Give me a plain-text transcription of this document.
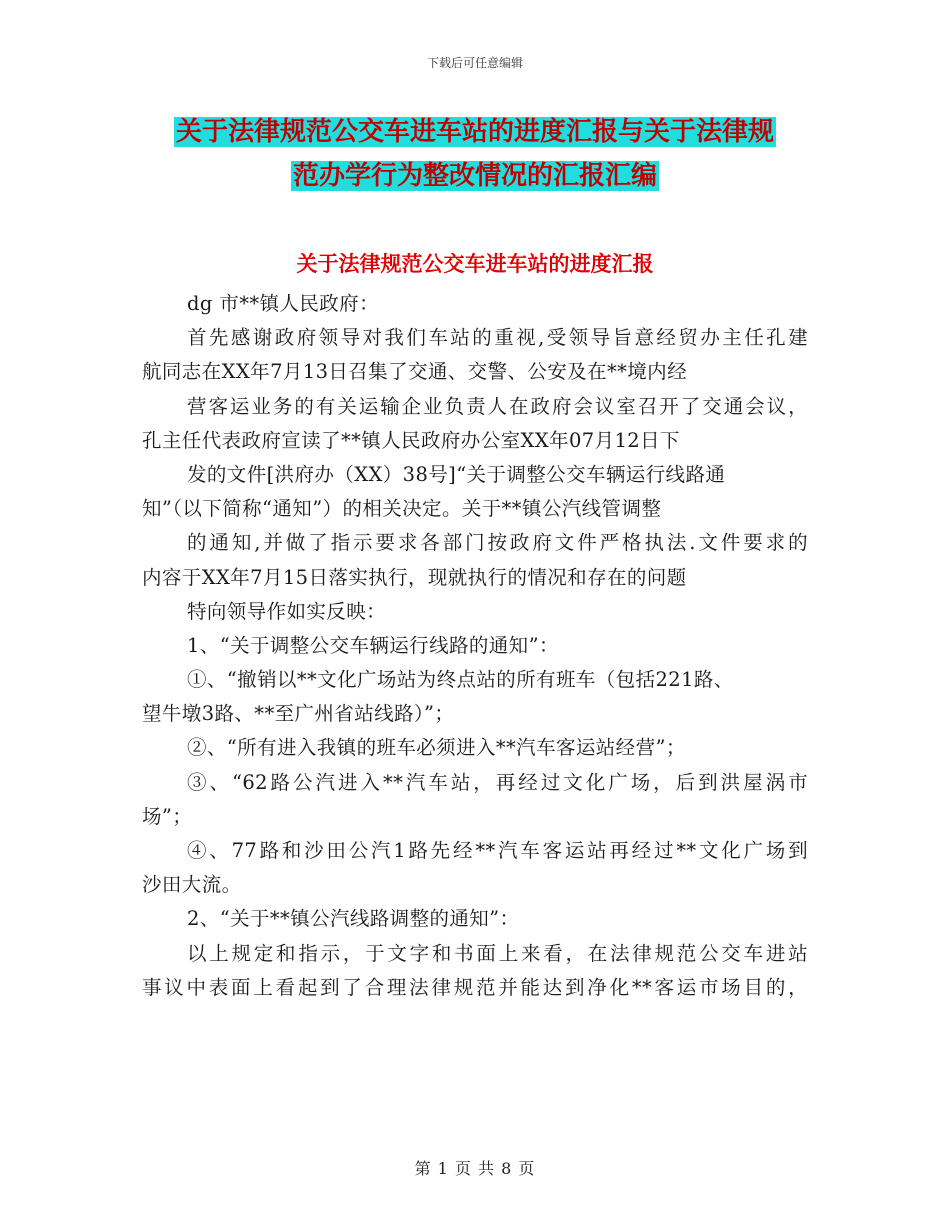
下载后可任意编辑
关于法律规范公交车进车站的进度汇报与关于法律规
范办学行为整改情况的汇报汇编
关于法律规范公交车进车站的进度汇报
dg 市**镇人民政府：
首先感谢政府领导对我们车站的重视,受领导旨意经贸办主任孔建
航同志在XX年7月13日召集了交通、交警、公安及在**境内经
营客运业务的有关运输企业负责人在政府会议室召开了交通会议，
孔主任代表政府宣读了**镇人民政府办公室XX年07月12日下
发的文件[洪府办（XX）38号]“关于调整公交车辆运行线路通
知”（以下简称“通知”）的相关决定。关于**镇公汽线管调整
的通知,并做了指示要求各部门按政府文件严格执法.文件要求的
内容于XX年7月15日落实执行，现就执行的情况和存在的问题
特向领导作如实反映：
1、“关于调整公交车辆运行线路的通知”：
①、“撤销以**文化广场站为终点站的所有班车（包括221路、
望牛墩3路、**至广州省站线路）”；
②、“所有进入我镇的班车必须进入**汽车客运站经营”；
③、“62路公汽进入**汽车站，再经过文化广场，后到洪屋涡市
场”；
④、77路和沙田公汽1路先经**汽车客运站再经过**文化广场到
沙田大流。
2、“关于**镇公汽线路调整的通知”：
以上规定和指示，于文字和书面上来看，在法律规范公交车进站
事议中表面上看起到了合理法律规范并能达到净化**客运市场目的，
第 1 页 共 8 页
